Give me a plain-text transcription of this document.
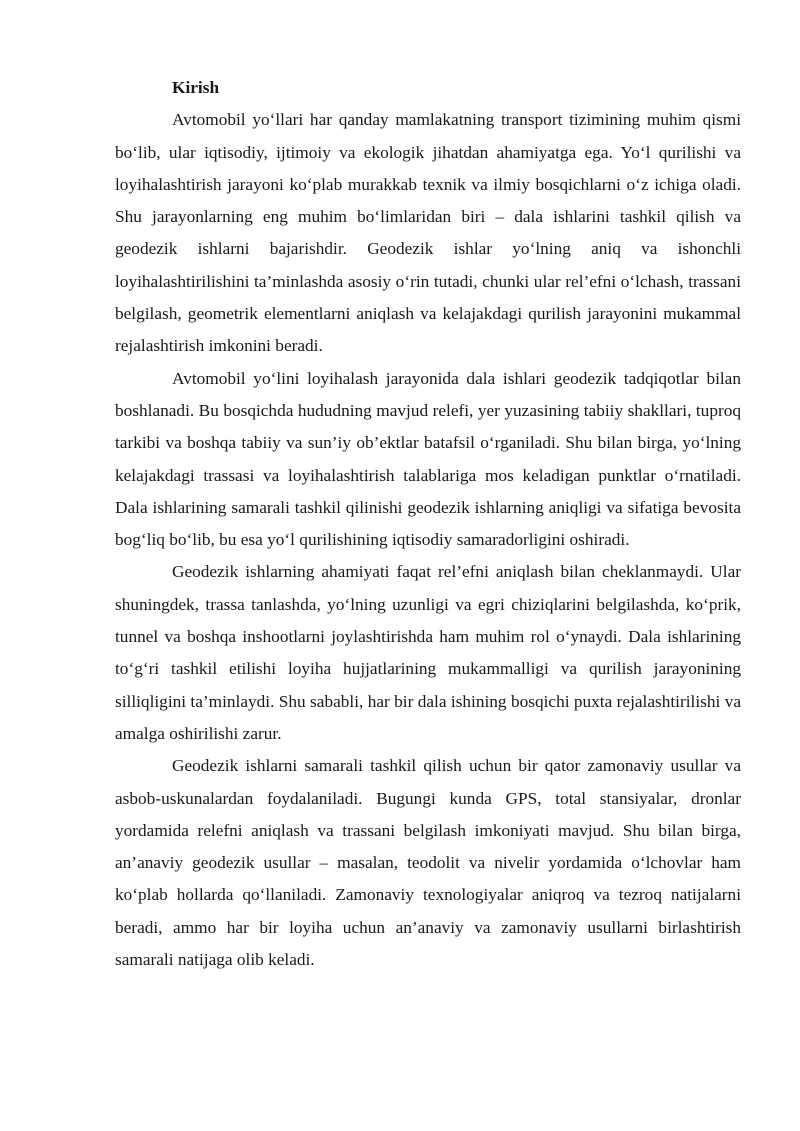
Kirish

Avtomobil yo‘llari har qanday mamlakatning transport tizimining muhim qismi bo‘lib, ular iqtisodiy, ijtimoiy va ekologik jihatdan ahamiyatga ega. Yo‘l qurilishi va loyihalashtirish jarayoni ko‘plab murakkab texnik va ilmiy bosqichlarni o‘z ichiga oladi. Shu jarayonlarning eng muhim bo‘limlaridan biri – dala ishlarini tashkil qilish va geodezik ishlarni bajarishdir. Geodezik ishlar yo‘lning aniq va ishonchli loyihalashtirilishini ta’minlashda asosiy o‘rin tutadi, chunki ular rel’efni o‘lchash, trassani belgilash, geometrik elementlarni aniqlash va kelajakdagi qurilish jarayonini mukammal rejalashtirish imkonini beradi.

Avtomobil yo‘lini loyihalash jarayonida dala ishlari geodezik tadqiqotlar bilan boshlanadi. Bu bosqichda hududning mavjud relefi, yer yuzasining tabiiy shakllari, tuproq tarkibi va boshqa tabiiy va sun’iy ob’ektlar batafsil o‘rganiladi. Shu bilan birga, yo‘lning kelajakdagi trassasi va loyihalashtirish talablariga mos keladigan punktlar o‘rnatiladi. Dala ishlarining samarali tashkil qilinishi geodezik ishlarning aniqligi va sifatiga bevosita bog‘liq bo‘lib, bu esa yo‘l qurilishining iqtisodiy samaradorligini oshiradi.

Geodezik ishlarning ahamiyati faqat rel’efni aniqlash bilan cheklanmaydi. Ular shuningdek, trassa tanlashda, yo‘lning uzunligi va egri chiziqlarini belgilashda, ko‘prik, tunnel va boshqa inshootlarni joylashtirishda ham muhim rol o‘ynaydi. Dala ishlarining to‘g‘ri tashkil etilishi loyiha hujjatlarining mukammalligi va qurilish jarayonining silliqligini ta’minlaydi. Shu sababli, har bir dala ishining bosqichi puxta rejalashtirilishi va amalga oshirilishi zarur.

Geodezik ishlarni samarali tashkil qilish uchun bir qator zamonaviy usullar va asbob-uskunalardan foydalaniladi. Bugungi kunda GPS, total stansiyalar, dronlar yordamida relefni aniqlash va trassani belgilash imkoniyati mavjud. Shu bilan birga, an’anaviy geodezik usullar – masalan, teodolit va nivelir yordamida o‘lchovlar ham ko‘plab hollarda qo‘llaniladi. Zamonaviy texnologiyalar aniqroq va tezroq natijalarni beradi, ammo har bir loyiha uchun an’anaviy va zamonaviy usullarni birlashtirish samarali natijaga olib keladi.
